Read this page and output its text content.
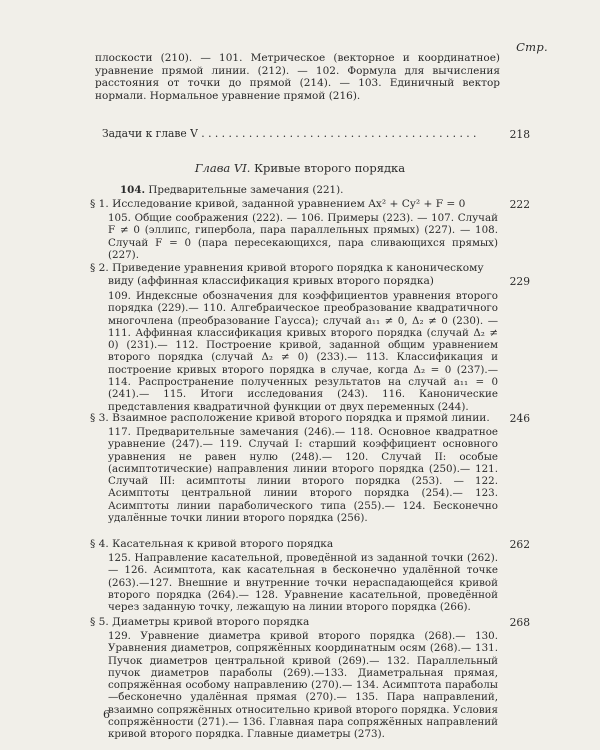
Стр.

плоскости (210). — 101. Метрическое (векторное и координатное) уравнение прямой линии. (212). — 102. Формула для вычисления расстояния от точки до прямой (214). — 103. Единичный вектор нормали. Нормальное уравнение прямой (216).

Задачи к главе V . . .	218
Глава VI. Кривые второго порядка

104. Предварительные замечания (221).

§ 1. Исследование кривой, заданной уравнением Ax² + Cy² + F = 0	222

105. Общие соображения (222). — 106. Примеры (223). — 107. Случай F ≠ 0 (эллипс, гипербола, пара параллельных прямых) (227). — 108. Случай F = 0 (пара пересекающихся, пара сливающихся прямых) (227).

§ 2. Приведение уравнения кривой второго порядка к каноническому виду (аффинная классификация кривых второго порядка)	229

109. Индексные обозначения для коэффициентов уравнения второго порядка (229).— 110. Алгебраическое преобразование квадратичного многочлена (преобразование Гаусса); случай a₁₁ ≠ 0, Δ₂ ≠ 0 (230). — 111. Аффинная классификация кривых второго порядка (случай Δ₂ ≠ 0) (231).— 112. Построение кривой, заданной общим уравнением второго порядка (случай Δ₂ ≠ 0) (233).— 113. Классификация и построение кривых второго порядка в случае, когда Δ₂ = 0 (237).— 114. Распространение полученных результатов на случай a₁₁ = 0 (241).— 115. Итоги исследования (243). 116. Канонические представления квадратичной функции от двух переменных (244).

§ 3. Взаимное расположение кривой второго порядка и прямой линии.	246

117. Предварительные замечания (246).— 118. Основное квадратное уравнение (247).— 119. Случай I: старший коэффициент основного уравнения не равен нулю (248).— 120. Случай II: особые (асимптотические) направления линии второго порядка (250).— 121. Случай III: асимптоты линии второго порядка (253). — 122. Асимптоты центральной линии второго порядка (254).— 123. Асимптоты линии параболического типа (255).— 124. Бесконечно удалённые точки линии второго порядка (256).

§ 4. Касательная к кривой второго порядка	262

125. Направление касательной, проведённой из заданной точки (262).— 126. Асимптота, как касательная в бесконечно удалённой точке (263).—127. Внешние и внутренние точки нераспадающейся кривой второго порядка (264).— 128. Уравнение касательной, проведённой через заданную точку, лежащую на линии второго порядка (266).

§ 5. Диаметры кривой второго порядка	268

129. Уравнение диаметра кривой второго порядка (268).— 130. Уравнения диаметров, сопряжённых координатным осям (268).— 131. Пучок диаметров центральной кривой (269).— 132. Параллельный пучок диаметров параболы (269).—133. Диаметральная прямая, сопряжённая особому направлению (270).— 134. Асимптота параболы—бесконечно удалённая прямая (270).— 135. Пара направлений, взаимно сопряжённых относительно кривой второго порядка. Условия сопряжённости (271).— 136. Главная пара сопряжённых направлений кривой второго порядка. Главные диаметры (273).

6
